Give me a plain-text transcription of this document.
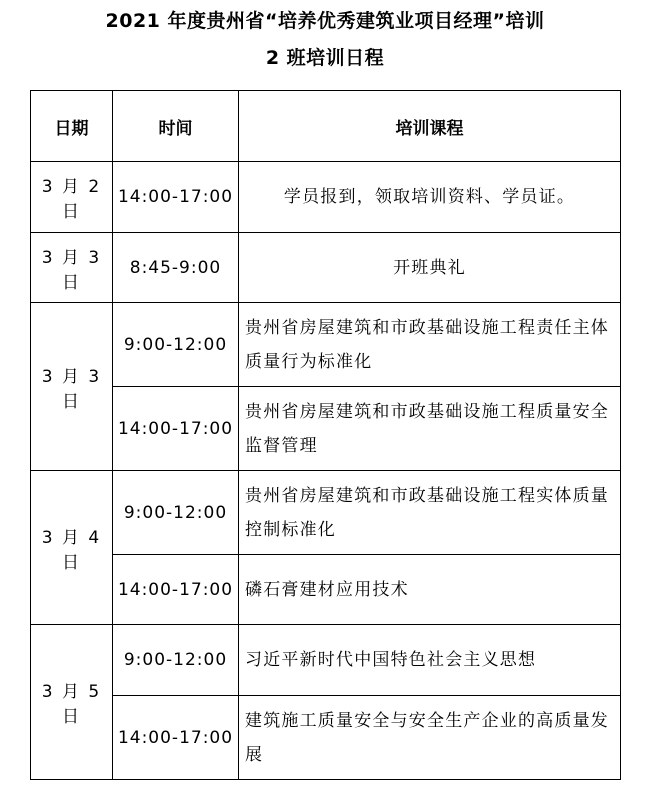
2021 年度贵州省“培养优秀建筑业项目经理”培训
2 班培训日程
日期	时间	培训课程
3 月 2 日	14:00-17:00	学员报到，领取培训资料、学员证。
3 月 3 日	8:45-9:00	开班典礼
3 月 3 日	9:00-12:00	贵州省房屋建筑和市政基础设施工程责任主体质量行为标准化
	14:00-17:00	贵州省房屋建筑和市政基础设施工程质量安全监督管理
3 月 4 日	9:00-12:00	贵州省房屋建筑和市政基础设施工程实体质量控制标准化
	14:00-17:00	磷石膏建材应用技术
3 月 5 日	9:00-12:00	习近平新时代中国特色社会主义思想
	14:00-17:00	建筑施工质量安全与安全生产企业的高质量发展
